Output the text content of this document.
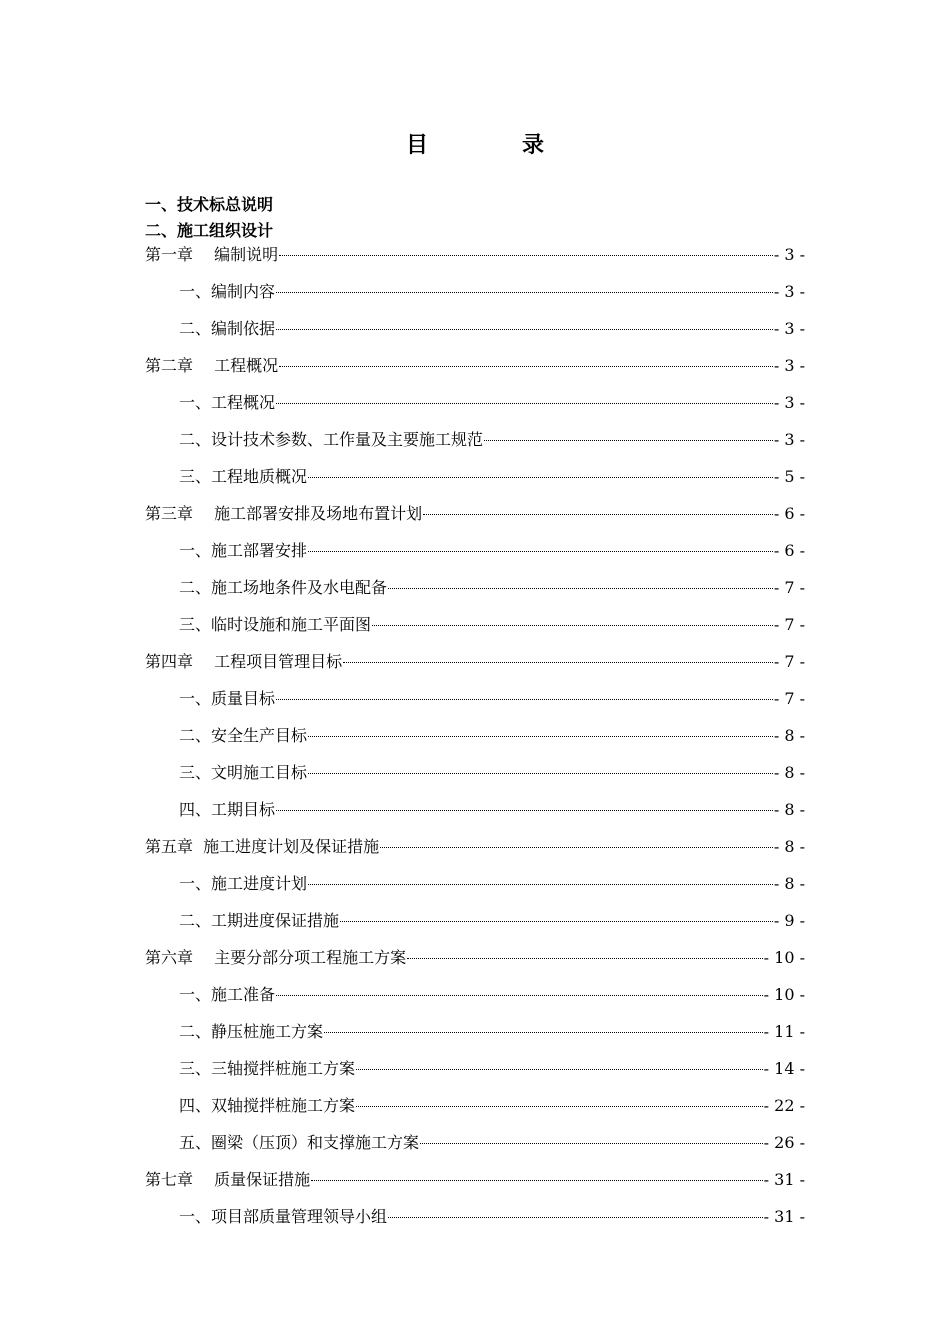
目　录
一、技术标总说明
二、施工组织设计
第一章　 编制说明	- 3 -
一、编制内容	- 3 -
二、编制依据	- 3 -
第二章　 工程概况	- 3 -
一、工程概况	- 3 -
二、设计技术参数、工作量及主要施工规范	- 3 -
三、工程地质概况	- 5 -
第三章　 施工部署安排及场地布置计划	- 6 -
一、施工部署安排	- 6 -
二、施工场地条件及水电配备	- 7 -
三、临时设施和施工平面图	- 7 -
第四章　 工程项目管理目标	- 7 -
一、质量目标	- 7 -
二、安全生产目标	- 8 -
三、文明施工目标	- 8 -
四、工期目标	- 8 -
第五章  施工进度计划及保证措施	- 8 -
一、施工进度计划	- 8 -
二、工期进度保证措施	- 9 -
第六章　 主要分部分项工程施工方案	- 10 -
一、施工准备	- 10 -
二、静压桩施工方案	- 11 -
三、三轴搅拌桩施工方案	- 14 -
四、双轴搅拌桩施工方案	- 22 -
五、圈梁（压顶）和支撑施工方案	- 26 -
第七章　 质量保证措施	- 31 -
一、项目部质量管理领导小组	- 31 -
